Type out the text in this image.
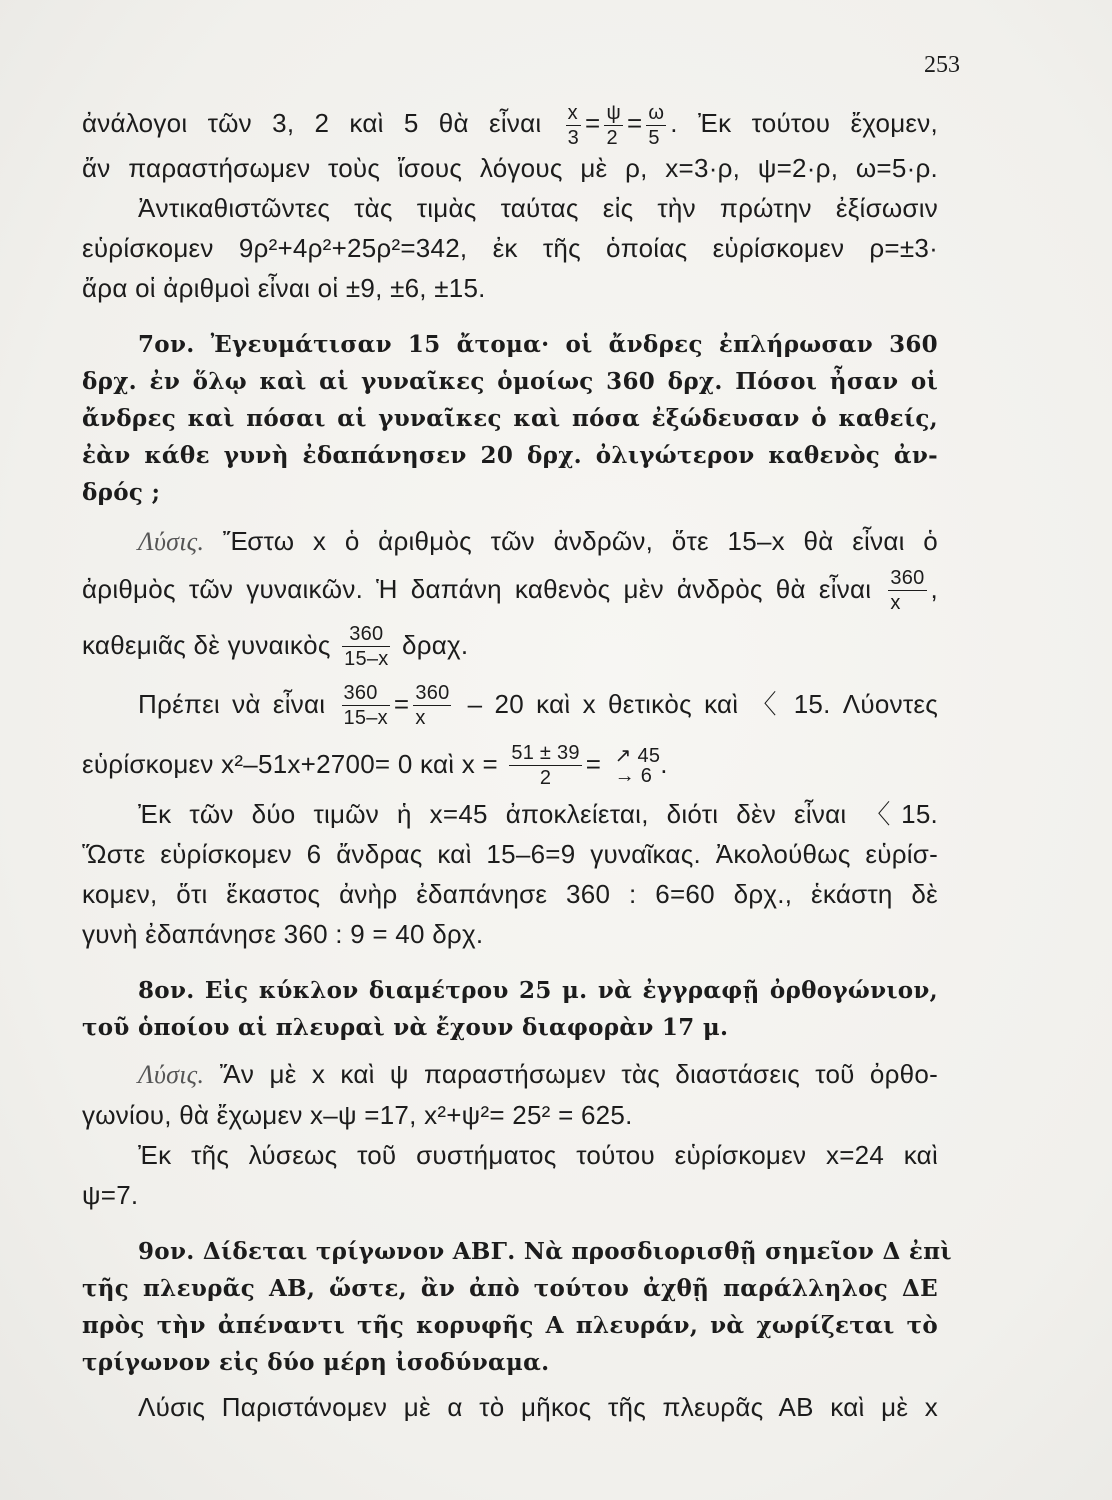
253
ἀνάλογοι τῶν 3, 2 καὶ 5 θὰ εἶναι $\frac{x}{3} = \frac{\psi}{2} = \frac{\omega}{5}$ . Ἐκ τούτου ἔχομεν,
ἄν παραστήσωμεν τοὺς ἴσους λόγους μὲ ρ, x=3·ρ, ψ=2·ρ, ω=5·ρ.
Ἀντικαθιστῶντες τὰς τιμὰς ταύτας εἰς τὴν πρώτην ἐξίσωσιν
εὑρίσκομεν 9ρ²+4ρ²+25ρ²=342, ἐκ τῆς ὁποίας εὑρίσκομεν ρ=±3·
ἄρα οἱ ἀριθμοὶ εἶναι οἱ ±9, ±6, ±15.
7ον. Ἐγευμάτισαν 15 ἄτομα· οἱ ἄνδρες ἐπλήρωσαν 360
δρχ. ἐν ὅλῳ καὶ αἱ γυναῖκες ὁμοίως 360 δρχ. Πόσοι ἦσαν οἱ
ἄνδρες καὶ πόσαι αἱ γυναῖκες καὶ πόσα ἐξώδευσαν ὁ καθείς,
ἐὰν κάθε γυνὴ ἐδαπάνησεν 20 δρχ. ὀλιγώτερον καθενὸς ἀν-
δρός ;
Λύσις. Ἔστω x ὁ ἀριθμὸς τῶν ἀνδρῶν, ὅτε 15–x θὰ εἶναι ὁ
ἀριθμὸς τῶν γυναικῶν. Ἡ δαπάνη καθενὸς μὲν ἀνδρὸς θὰ εἶναι $\frac{360}{x}$ ,
καθεμιᾶς δὲ γυναικὸς $\frac{360}{15-x} \delta\rho\alpha\chi$.
Πρέπει νὰ εἶναι $\frac{360}{15-x} = \frac{360}{x} - 20$ καὶ x θετικὸς καὶ 〈 15. Λύοντες
εὑρίσκομεν x²–51x+2700= 0 καὶ $x = \frac{51 \pm 39}{2}$ = ↗ 45
→ 6 .
Ἐκ τῶν δύο τιμῶν ἡ x=45 ἀποκλείεται, διότι δὲν εἶναι 〈15.
Ὥστε εὑρίσκομεν 6 ἄνδρας καὶ 15–6=9 γυναῖκας. Ἀκολούθως εὑρίσ-
κομεν, ὅτι ἕκαστος ἀνὴρ ἐδαπάνησε 360 : 6=60 δρχ., ἑκάστη δὲ
γυνὴ ἐδαπάνησε 360 : 9 = 40 δρχ.
8ον. Εἰς κύκλον διαμέτρου 25 μ. νὰ ἐγγραφῇ ὀρθογώνιον,
τοῦ ὁποίου αἱ πλευραὶ νὰ ἔχουν διαφορὰν 17 μ.
Λύσις. Ἄν μὲ x καὶ ψ παραστήσωμεν τὰς διαστάσεις τοῦ ὀρθο-
γωνίου, θὰ ἔχωμεν x–ψ =17, x²+ψ²= 25² = 625.
Ἐκ τῆς λύσεως τοῦ συστήματος τούτου εὑρίσκομεν x=24 καὶ
ψ=7.
9ον. Δίδεται τρίγωνον ΑΒΓ. Νὰ προσδιορισθῇ σημεῖον Δ ἐπὶ
τῆς πλευρᾶς ΑΒ, ὥστε, ἂν ἀπὸ τούτου ἀχθῇ παράλληλος ΔΕ
πρὸς τὴν ἀπέναντι τῆς κορυφῆς Α πλευράν, νὰ χωρίζεται τὸ
τρίγωνον εἰς δύο μέρη ἰσοδύναμα.
Λύσις Παριστάνομεν μὲ α τὸ μῆκος τῆς πλευρᾶς ΑΒ καὶ μὲ x
